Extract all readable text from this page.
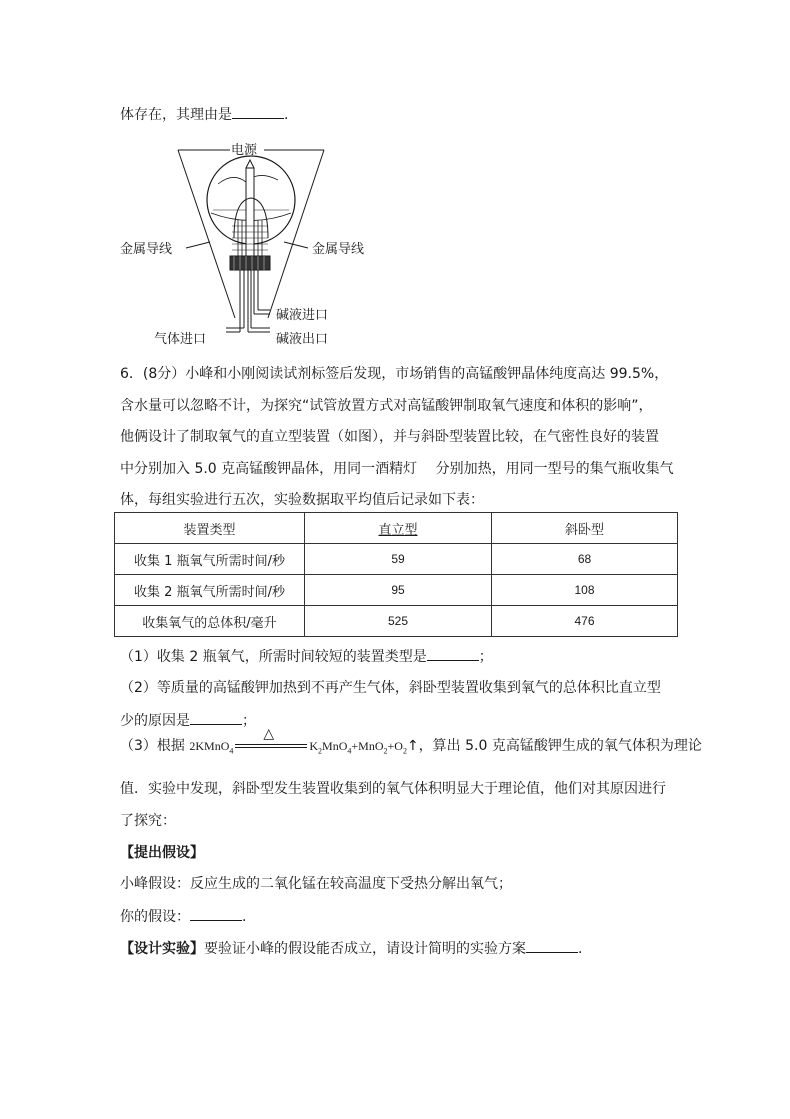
体存在，其理由是	.
电源
金属导线	金属导线
碱液进口
气体进口	碱液出口
6．(8分）小峰和小刚阅读试剂标签后发现，市场销售的高锰酸钾晶体纯度高达 99.5%，
含水量可以忽略不计，为探究“试管放置方式对高锰酸钾制取氧气速度和体积的影响”，
他俩设计了制取氧气的直立型装置（如图），并与斜卧型装置比较，在气密性良好的装置
中分别加入 5.0 克高锰酸钾晶体，用同一酒精灯　 分别加热，用同一型号的集气瓶收集气
体，每组实验进行五次，实验数据取平均值后记录如下表：
装置类型	直立型	斜卧型
收集 1 瓶氧气所需时间/秒	59	68
收集 2 瓶氧气所需时间/秒	95	108
收集氧气的总体积/毫升	525	476
（1）收集 2 瓶氧气，所需时间较短的装置类型是	；
（2）等质量的高锰酸钾加热到不再产生气体，斜卧型装置收集到氧气的总体积比直立型
少的原因是	；
（3）根据 2KMnO$_4$
△
$K_2MnO_4+MnO_2+O_2↑$，算出 5.0 克高锰酸钾生成的氧气体积为理论
值．实验中发现，斜卧型发生装置收集到的氧气体积明显大于理论值，他们对其原因进行
了探究：
【提出假设】
小峰假设：反应生成的二氧化锰在较高温度下受热分解出氧气；
你的假设：	.
【设计实验】要验证小峰的假设能否成立，请设计简明的实验方案	.
